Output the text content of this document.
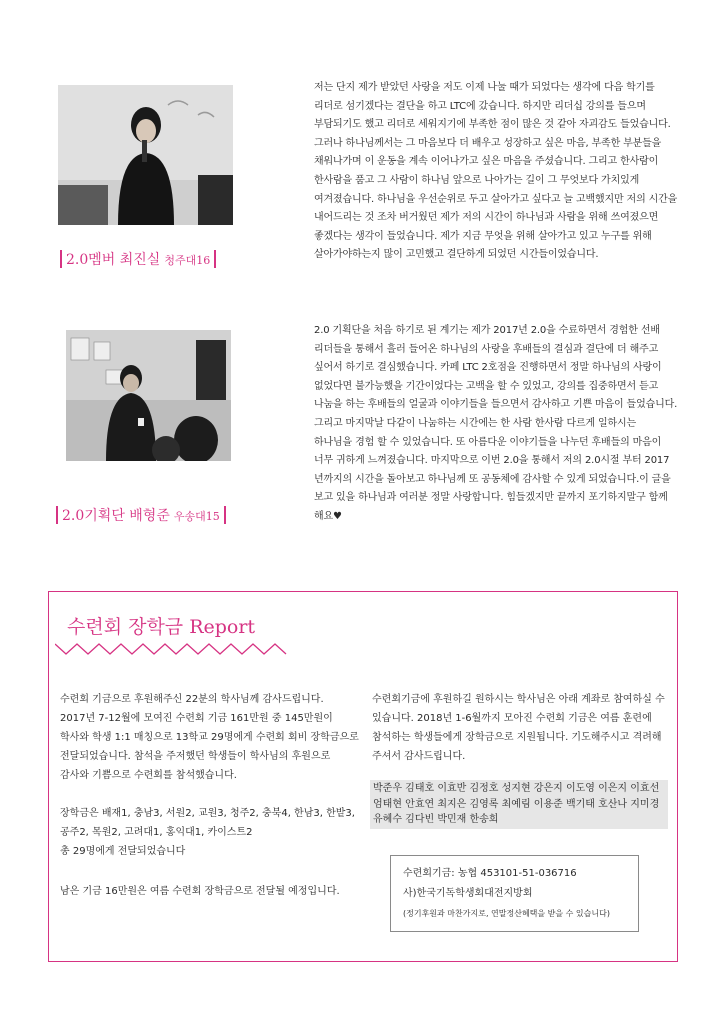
2.0멤버 최진실 청주대16
저는 단지 제가 받았던 사랑을 저도 이제 나눌 때가 되었다는 생각에 다음 학기를
리더로 섬기겠다는 결단을 하고 LTC에 갔습니다. 하지만 리더십 강의를 들으며
부담되기도 했고 리더로 세워지기에 부족한 점이 많은 것 같아 자괴감도 들었습니다.
그러나 하나님께서는 그 마음보다 더 배우고 성장하고 싶은 마음, 부족한 부분들을
채워나가며 이 운동을 계속 이어나가고 싶은 마음을 주셨습니다. 그리고 한사람이
한사람을 품고 그 사람이 하나님 앞으로 나아가는 길이 그 무엇보다 가치있게
여겨졌습니다. 하나님을 우선순위로 두고 살아가고 싶다고 늘 고백했지만 저의 시간을
내어드리는 것 조차 버거웠던 제가 저의 시간이 하나님과 사람을 위해 쓰여졌으면
좋겠다는 생각이 들었습니다. 제가 지금 무엇을 위해 살아가고 있고 누구를 위해
살아가야하는지 많이 고민했고 결단하게 되었던 시간들이었습니다.
2.0기획단 배형준 우송대15
2.0 기획단을 처음 하기로 된 계기는 제가 2017년 2.0을 수료하면서 경험한 선배
리더들을 통해서 흘러 들어온 하나님의 사랑을 후배들의 결심과 결단에 더 해주고
싶어서 하기로 결심했습니다. 카페 LTC 2호점을 진행하면서 정말 하나님의 사랑이
없었다면 불가능했을 기간이었다는 고백을 할 수 있었고, 강의를 집중하면서 듣고
나눔을 하는 후배들의 얼굴과 이야기들을 들으면서 감사하고 기쁜 마음이 들었습니다.
그리고 마지막날 다같이 나눔하는 시간에는 한 사람 한사람 다르게 일하시는
하나님을 경험 할 수 있었습니다. 또 아름다운 이야기들을 나누던 후배들의 마음이
너무 귀하게 느껴졌습니다. 마지막으로 이번 2.0을 통해서 저의 2.0시절 부터 2017
년까지의 시간을 돌아보고 하나님께 또 공동체에 감사할 수 있게 되었습니다.이 글을
보고 있을 하나님과 여러분 정말 사랑합니다. 힘들겠지만 끝까지 포기하지말구 함께
해요♥
수련회 장학금 Report
수련회 기금으로 후원해주신 22분의 학사님께 감사드립니다.
2017년 7-12월에 모여진 수련회 기금 161만원 중 145만원이
학사와 학생 1:1 매칭으로 13학교 29명에게 수련회 회비 장학금으로
전달되었습니다. 참석을 주저했던 학생들이 학사님의 후원으로
감사와 기쁨으로 수련회를 참석했습니다.
장학금은 배재1, 충남3, 서원2, 교원3, 청주2, 충북4, 한남3, 한밭3,
공주2, 목원2, 고려대1, 홍익대1, 카이스트2
총 29명에게 전달되었습니다
남은 기금 16만원은 여름 수련회 장학금으로 전달될 예정입니다.
수련회기금에 후원하길 원하시는 학사님은 아래 계좌로 참여하실 수
있습니다. 2018년 1-6월까지 모아진 수련회 기금은 여름 훈련에
참석하는 학생들에게 장학금으로 지원됩니다. 기도해주시고 격려해
주셔서 감사드립니다.
박준우 김태호 이효반 김정호 성지현 강은지 이도영 이은지 이효선
엄태현 안효연 최지은 김영록 최예림 이용준 백기태 호산나 지미경
유혜수 김다빈 박민재 한송희
수련회기금: 농협 453101-51-036716
사)한국기독학생회대전지방회
(정기후원과 마찬가지로, 연말정산혜택을 받을 수 있습니다)
